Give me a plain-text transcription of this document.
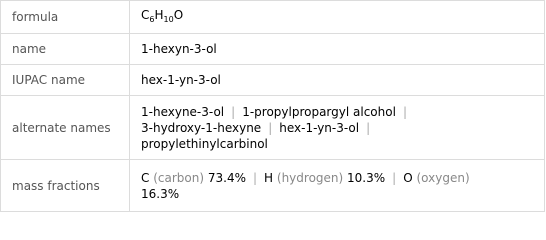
formula	$C_6H_{10}O$
name	1-hexyn-3-ol
IUPAC name	hex-1-yn-3-ol
alternate names	1-hexyne-3-ol | 1-propylpropargyl alcohol |
3-hydroxy-1-hexyne | hex-1-yn-3-ol |
propylethinylcarbinol
mass fractions	C (carbon) 73.4% | H (hydrogen) 10.3% | O (oxygen)
16.3%
